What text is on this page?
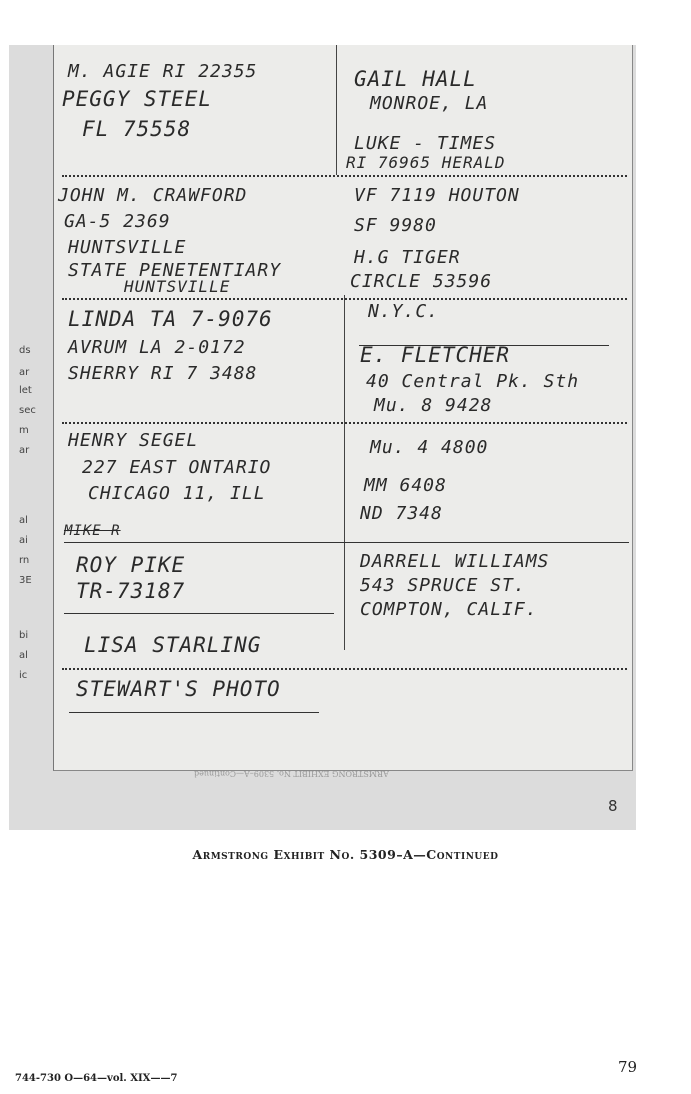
M. AGIE RI 22355
PEGGY STEEL
FL 75558
JOHN M. CRAWFORD
GA-5 2369
HUNTSVILLE
STATE PENETENTIARY
HUNTSVILLE
LINDA TA 7-9076
AVRUM LA 2-0172
SHERRY RI 7 3488
HENRY SEGEL
227 EAST ONTARIO
CHICAGO 11, ILL
MIKE R
ROY PIKE
TR-73187
LISA STARLING
STEWART'S PHOTO
GAIL HALL
MONROE, LA
LUKE - TIMES
RI 76965 HERALD
VF 7119 HOUTON
SF 9980
H.G TIGER
CIRCLE 53596
N.Y.C.
E. FLETCHER
40 Central Pk. Sth
Mu. 8 9428
Mu. 4 4800
MM 6408
ND 7348
DARRELL WILLIAMS
543 SPRUCE ST.
COMPTON, CALIF.
ds
ar
let
sec
m
ar
al
ai
rn
3E
bi
al
ic
ARMSTRONG EXHIBIT No. 5309–A—Continued
8
Armstrong Exhibit No. 5309–A—Continued
744-730 O—64—vol. XIX——7
79
